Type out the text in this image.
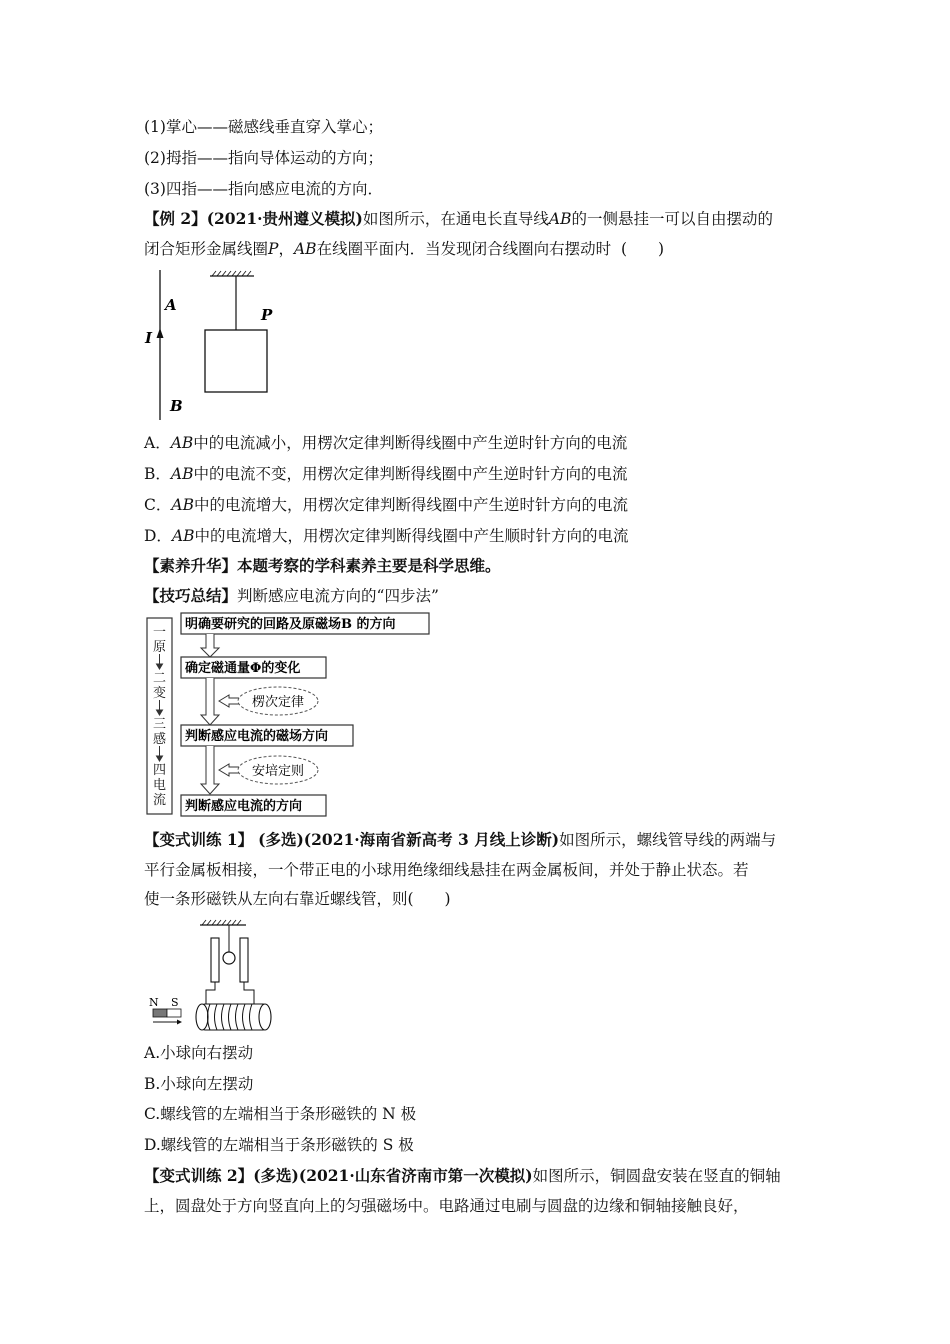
(1)掌心——磁感线垂直穿入掌心；
(2)拇指——指向导体运动的方向；
(3)四指——指向感应电流的方向．
【例 2】(2021·贵州遵义模拟)如图所示，在通电长直导线AB的一侧悬挂一可以自由摆动的
闭合矩形金属线圈P，AB在线圈平面内．当发现闭合线圈向右摆动时 (　　)
A
I
B
P
A．AB中的电流减小，用楞次定律判断得线圈中产生逆时针方向的电流
B．AB中的电流不变，用楞次定律判断得线圈中产生逆时针方向的电流
C．AB中的电流增大，用楞次定律判断得线圈中产生逆时针方向的电流
D．AB中的电流增大，用楞次定律判断得线圈中产生顺时针方向的电流
【素养升华】本题考察的学科素养主要是科学思维。
【技巧总结】判断感应电流方向的“四步法”
一
原
二
变
三
感
四
电
流
明确要研究的回路及原磁场B 的方向
确定磁通量Φ的变化
楞次定律
判断感应电流的磁场方向
安培定则
判断感应电流的方向
【变式训练 1】 (多选)(2021·海南省新高考 3 月线上诊断)如图所示，螺线管导线的两端与
平行金属板相接，一个带正电的小球用绝缘细线悬挂在两金属板间，并处于静止状态。若
使一条形磁铁从左向右靠近螺线管，则(　　)
N S
A.小球向右摆动
B.小球向左摆动
C.螺线管的左端相当于条形磁铁的 N 极
D.螺线管的左端相当于条形磁铁的 S 极
【变式训练 2】(多选)(2021·山东省济南市第一次模拟)如图所示，铜圆盘安装在竖直的铜轴
上，圆盘处于方向竖直向上的匀强磁场中。电路通过电刷与圆盘的边缘和铜轴接触良好，
